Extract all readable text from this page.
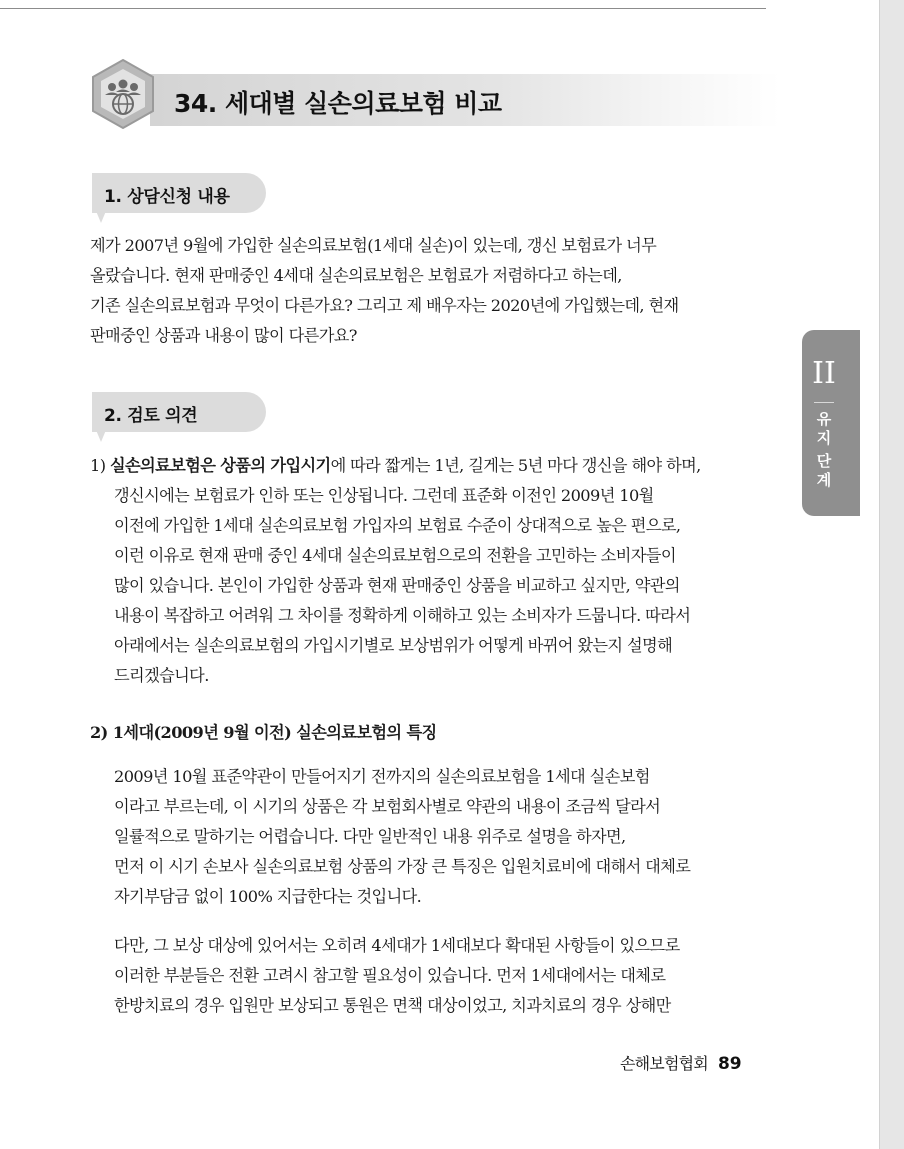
34. 세대별 실손의료보험 비교
1. 상담신청 내용
제가 2007년 9월에 가입한 실손의료보험(1세대 실손)이 있는데, 갱신 보험료가 너무
올랐습니다. 현재 판매중인 4세대 실손의료보험은 보험료가 저렴하다고 하는데,
기존 실손의료보험과 무엇이 다른가요? 그리고 제 배우자는 2020년에 가입했는데, 현재
판매중인 상품과 내용이 많이 다른가요?
2. 검토 의견
1) 실손의료보험은 상품의 가입시기에 따라 짧게는 1년, 길게는 5년 마다 갱신을 해야 하며,
갱신시에는 보험료가 인하 또는 인상됩니다. 그런데 표준화 이전인 2009년 10월
이전에 가입한 1세대 실손의료보험 가입자의 보험료 수준이 상대적으로 높은 편으로,
이런 이유로 현재 판매 중인 4세대 실손의료보험으로의 전환을 고민하는 소비자들이
많이 있습니다. 본인이 가입한 상품과 현재 판매중인 상품을 비교하고 싶지만, 약관의
내용이 복잡하고 어려워 그 차이를 정확하게 이해하고 있는 소비자가 드뭅니다. 따라서
아래에서는 실손의료보험의 가입시기별로 보상범위가 어떻게 바뀌어 왔는지 설명해
드리겠습니다.
2) 1세대(2009년 9월 이전) 실손의료보험의 특징
2009년 10월 표준약관이 만들어지기 전까지의 실손의료보험을 1세대 실손보험
이라고 부르는데, 이 시기의 상품은 각 보험회사별로 약관의 내용이 조금씩 달라서
일률적으로 말하기는 어렵습니다. 다만 일반적인 내용 위주로 설명을 하자면,
먼저 이 시기 손보사 실손의료보험 상품의 가장 큰 특징은 입원치료비에 대해서 대체로
자기부담금 없이 100% 지급한다는 것입니다.
다만, 그 보상 대상에 있어서는 오히려 4세대가 1세대보다 확대된 사항들이 있으므로
이러한 부분들은 전환 고려시 참고할 필요성이 있습니다. 먼저 1세대에서는 대체로
한방치료의 경우 입원만 보상되고 통원은 면책 대상이었고, 치과치료의 경우 상해만
II
유
지
단
계
손해보험협회 89
